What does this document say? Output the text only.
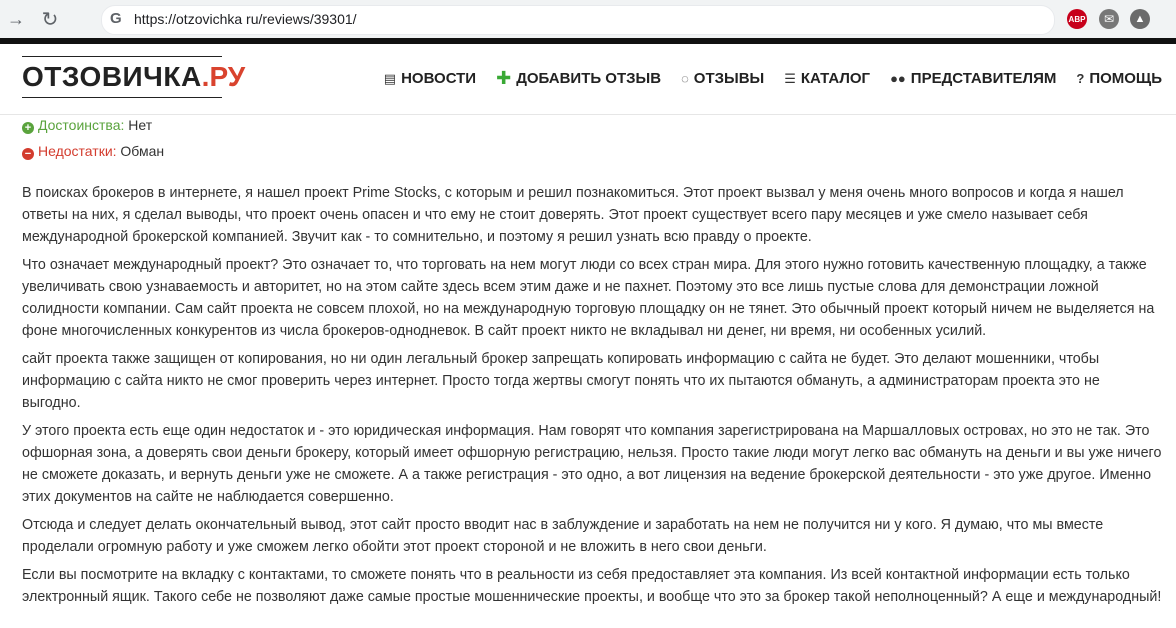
→ ↻	G https://otzovichka ru/reviews/39301/	ABP	✉	▲
ОТЗОВИЧКА .РУ	▤ НОВОСТИ ✚ ДОБАВИТЬ ОТЗЫВ ◌ ОТЗЫВЫ ☰ КАТАЛОГ ●● ПРЕДСТАВИТЕЛЯМ ? ПОМОЩЬ
+ Достоинства: Нет
− Недостатки: Обман

В поисках брокеров в интернете, я нашел проект Prime Stocks, с которым и решил познакомиться. Этот проект вызвал у меня очень много вопросов и когда я нашел ответы на них, я сделал выводы, что проект очень опасен и что ему не стоит доверять. Этот проект существует всего пару месяцев и уже смело называет себя международной брокерской компанией. Звучит как - то сомнительно, и поэтому я решил узнать всю правду о проекте.

Что означает международный проект? Это означает то, что торговать на нем могут люди со всех стран мира. Для этого нужно готовить качественную площадку, а также увеличивать свою узнаваемость и авторитет, но на этом сайте здесь всем этим даже и не пахнет. Поэтому это все лишь пустые слова для демонстрации ложной солидности компании. Сам сайт проекта не совсем плохой, но на международную торговую площадку он не тянет. Это обычный проект который ничем не выделяется на фоне многочисленных конкурентов из числа брокеров-однодневок. В сайт проект никто не вкладывал ни денег, ни время, ни особенных усилий.

сайт проекта также защищен от копирования, но ни один легальный брокер запрещать копировать информацию с сайта не будет. Это делают мошенники, чтобы информацию с сайта никто не смог проверить через интернет. Просто тогда жертвы смогут понять что их пытаются обмануть, а администраторам проекта это не выгодно.

У этого проекта есть еще один недостаток и - это юридическая информация. Нам говорят что компания зарегистрирована на Маршалловых островах, но это не так. Это офшорная зона, а доверять свои деньги брокеру, который имеет офшорную регистрацию, нельзя. Просто такие люди могут легко вас обмануть на деньги и вы уже ничего не сможете доказать, и вернуть деньги уже не сможете. А а также регистрация - это одно, а вот лицензия на ведение брокерской деятельности - это уже другое. Именно этих документов на сайте не наблюдается совершенно.

Отсюда и следует делать окончательный вывод, этот сайт просто вводит нас в заблуждение и заработать на нем не получится ни у кого. Я думаю, что мы вместе проделали огромную работу и уже сможем легко обойти этот проект стороной и не вложить в него свои деньги.

Если вы посмотрите на вкладку с контактами, то сможете понять что в реальности из себя предоставляет эта компания. Из всей контактной информации есть только электронный ящик. Такого себе не позволяют даже самые простые мошеннические проекты, и вообще что это за брокер такой неполноценный? А еще и международный!
